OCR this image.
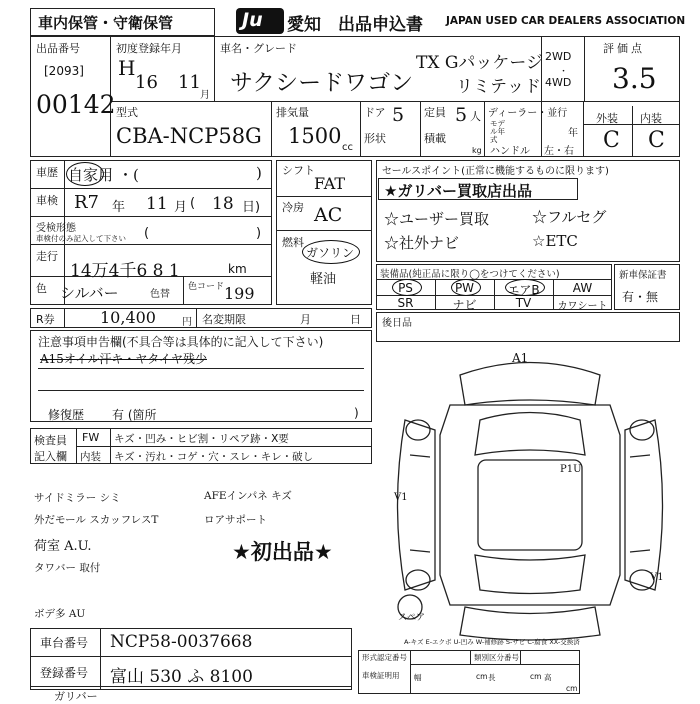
車内保管・守衛保管	Ju 愛知 出品申込書 JAPAN USED CAR DEALERS ASSOCIATION
出品番号
[2093]
00142
初度登録年月
H
16 11
月
車名・グレード
サクシードワゴン
TX Gパッケージ
リミテッド
2WD
・
4WD
評価点
3.5
外装 内装
C C
型式
CBA-NCP58G
排気量
1500 cc
ドア 5
形状
定員 5 人
積載
kg
ディーラー・並行
モデル年式
年
ハンドル 左・右
車歴 自家用 ・(	)
車検 R7 年 11 月 ( 18 日)
受検形態
車検付のみ記入して下さい (	)
走行
14万4千6 8 1	km
色 シルバー	色替
色コード 199
シフト
FAT
冷房 AC
燃料
ガソリン
軽油
R券	10,400	円 名変期限	月	日
セールスポイント(正常に機能するものに限ります)
★ガリバー買取店出品
☆ユーザー買取	☆フルセグ
☆社外ナビ	☆ETC
装備品(純正品に限り◯をつけてください)
PS	PW	エアB	AW
SR	ナビ	TV	カワシート
新車保証書
有・無
後日品
注意事項申告欄(不具合等は具体的に記入して下さい)
A15オイル汗キ・ヤタイヤ残少
修復歴 有 (箇所	)
検査員
記入欄
FW キズ・凹み・ヒビ割・リペア跡・X要
内装 キズ・汚れ・コゲ・穴・スレ・キレ・破し
サイドミラー シミ	AFEインパネ キズ
外だモール スカッフレスT	ロアサポート
荷室 A.U.
タワバー 取付
★初出品★
ボデ多 AU
A1
P1U
V1
V1
スペア
A-キズ E-エクボ U-凹み W-補修跡 S-サビ C-腐食 XX-交換済
車台番号 NCP58-0037668
登録番号 富山 530 ふ 8100
ガリバー
形式認定番号	類別区分番号
車検証明用 幅	cm 長	cm 高
cm
